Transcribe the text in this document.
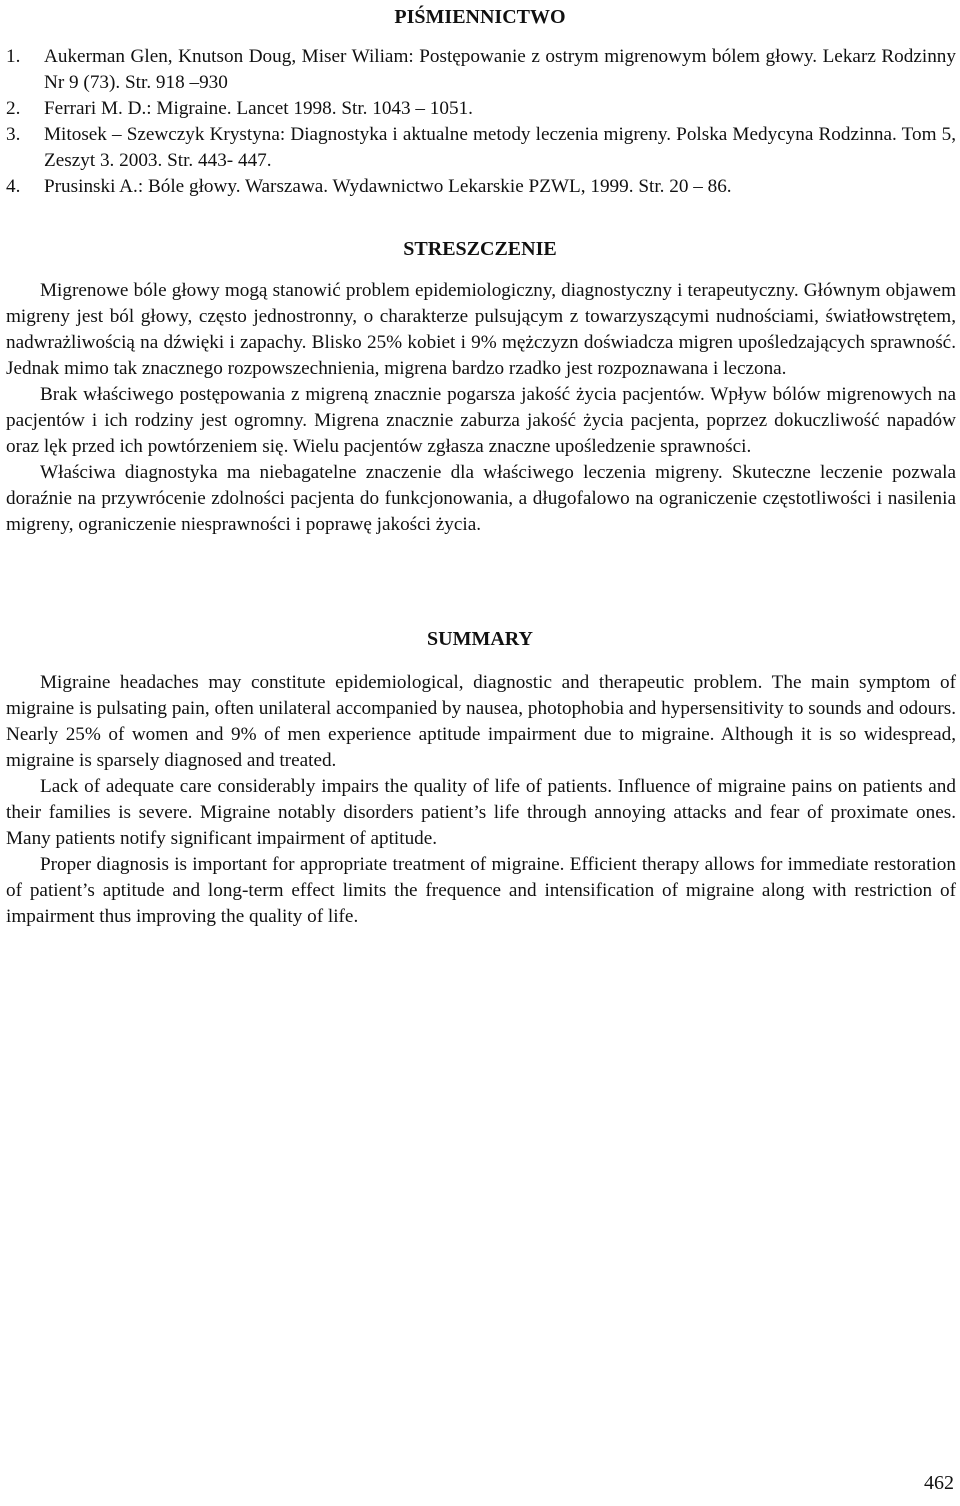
PIŚMIENNICTWO
1. Aukerman Glen, Knutson Doug, Miser Wiliam: Postępowanie z ostrym migrenowym bólem głowy. Lekarz Rodzinny Nr 9 (73). Str. 918 –930
2. Ferrari M. D.: Migraine. Lancet 1998. Str. 1043 – 1051.
3. Mitosek – Szewczyk Krystyna: Diagnostyka i aktualne metody leczenia migreny. Polska Medycyna Rodzinna. Tom 5, Zeszyt 3. 2003. Str. 443- 447.
4. Prusinski A.: Bóle głowy. Warszawa. Wydawnictwo Lekarskie PZWL, 1999. Str. 20 – 86.
STRESZCZENIE

Migrenowe bóle głowy mogą stanowić problem epidemiologiczny, diagnostyczny i terapeutyczny. Głównym objawem migreny jest ból głowy, często jednostronny, o charakterze pulsującym z towarzyszącymi nudnościami, światłowstrętem, nadwrażliwością na dźwięki i zapachy. Blisko 25% kobiet i 9% mężczyzn doświadcza migren upośledzających sprawność. Jednak mimo tak znacznego rozpowszechnienia, migrena bardzo rzadko jest rozpoznawana i leczona.

Brak właściwego postępowania z migreną znacznie pogarsza jakość życia pacjentów. Wpływ bólów migrenowych na pacjentów i ich rodziny jest ogromny. Migrena znacznie zaburza jakość życia pacjenta, poprzez dokuczliwość napadów oraz lęk przed ich powtórzeniem się. Wielu pacjentów zgłasza znaczne upośledzenie sprawności.

Właściwa diagnostyka ma niebagatelne znaczenie dla właściwego leczenia migreny. Skuteczne leczenie pozwala doraźnie na przywrócenie zdolności pacjenta do funkcjonowania, a długofalowo na ograniczenie częstotliwości i nasilenia migreny, ograniczenie niesprawności i poprawę jakości życia.

SUMMARY

Migraine headaches may constitute epidemiological, diagnostic and therapeutic problem. The main symptom of migraine is pulsating pain, often unilateral accompanied by nausea, photophobia and hypersensitivity to sounds and odours. Nearly 25% of women and 9% of men experience aptitude impairment due to migraine. Although it is so widespread, migraine is sparsely diagnosed and treated.

Lack of adequate care considerably impairs the quality of life of patients. Influence of migraine pains on patients and their families is severe. Migraine notably disorders patient’s life through annoying attacks and fear of proximate ones. Many patients notify significant impairment of aptitude.

Proper diagnosis is important for appropriate treatment of migraine. Efficient therapy allows for immediate restoration of patient’s aptitude and long-term effect limits the frequence and intensification of migraine along with restriction of impairment thus improving the quality of life.

462
